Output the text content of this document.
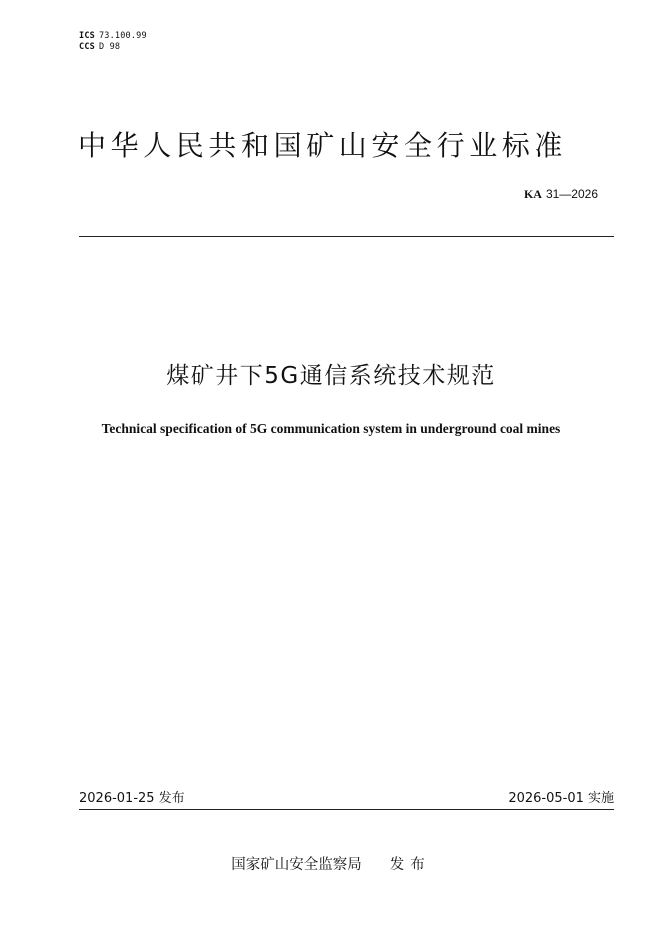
ICS 73.100.99
CCS D 98
中华人民共和国矿山安全行业标准
KA 31—2026
煤矿井下5G通信系统技术规范
Technical specification of 5G communication system in underground coal mines
2026-01-25 发布	2026-05-01 实施
国家矿山安全监察局 发布
